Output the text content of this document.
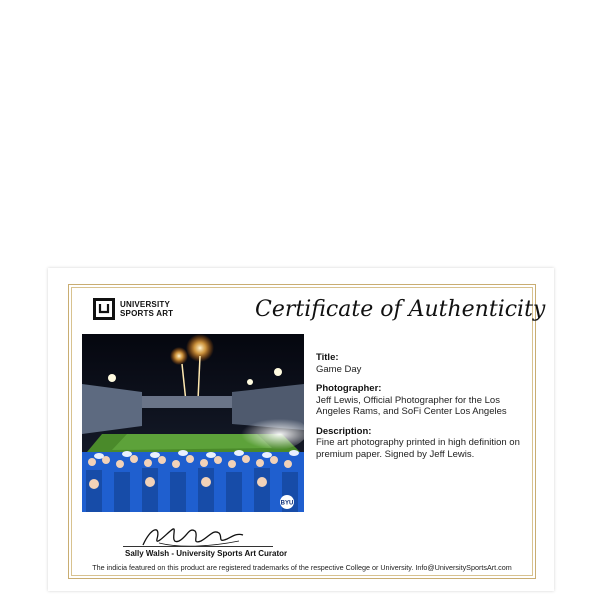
UNIVERSITY
SPORTS ART	Certificate of Authenticity
BYU
Title:
Game Day
Photographer:
Jeff Lewis, Official Photographer for the Los Angeles Rams, and SoFi Center Los Angeles
Description:
Fine art photography printed in high definition on premium paper. Signed by Jeff Lewis.
Sally Walsh - University Sports Art Curator
The indicia featured on this product are registered trademarks of the respective College or University. Info@UniversitySportsArt.com
